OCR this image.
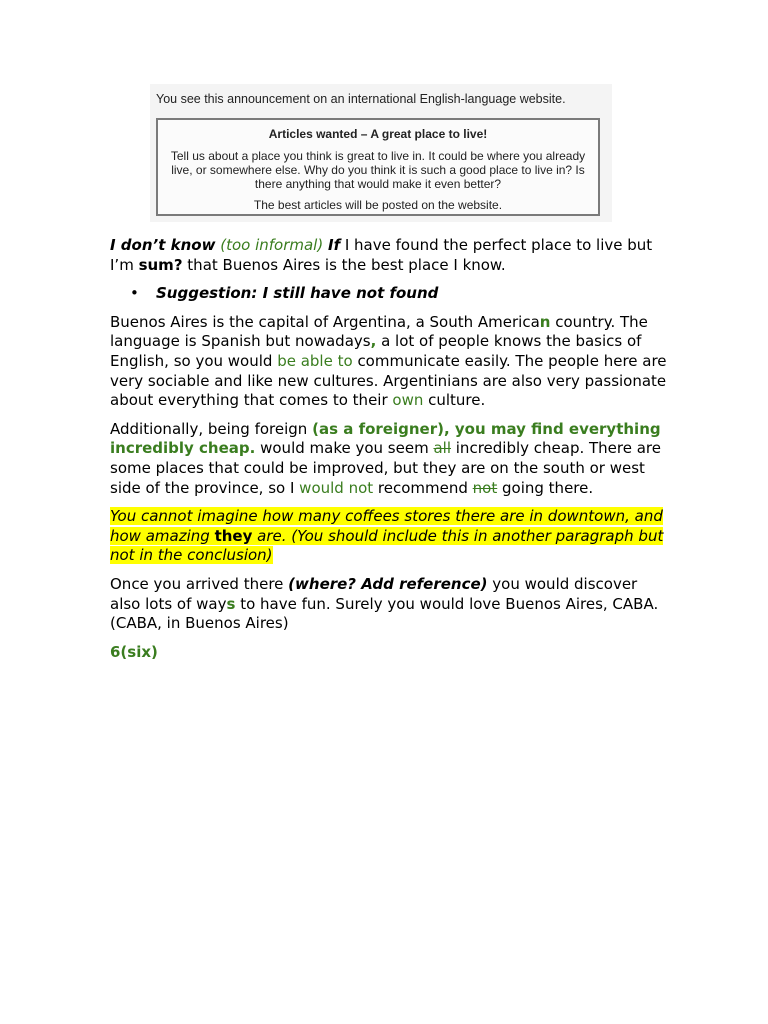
You see this announcement on an international English-language website.
Articles wanted – A great place to live!
Tell us about a place you think is great to live in. It could be where you already live, or somewhere else. Why do you think it is such a good place to live in? Is there anything that would make it even better?
The best articles will be posted on the website.

I don’t know (too informal) If I have found the perfect place to live but I’m sum? that Buenos Aires is the best place I know.

• Suggestion: I still have not found

Buenos Aires is the capital of Argentina, a South American country. The language is Spanish but nowadays, a lot of people knows the basics of English, so you would be able to communicate easily. The people here are very sociable and like new cultures. Argentinians are also very passionate about everything that comes to their own culture.

Additionally, being foreign (as a foreigner), you may find everything incredibly cheap. would make you seem all incredibly cheap. There are some places that could be improved, but they are on the south or west side of the province, so I would not recommend not going there.

You cannot imagine how many coffees stores there are in downtown, and how amazing they are. (You should include this in another paragraph but not in the conclusion)

Once you arrived there (where? Add reference) you would discover also lots of ways to have fun. Surely you would love Buenos Aires, CABA. (CABA, in Buenos Aires)

6(six)
